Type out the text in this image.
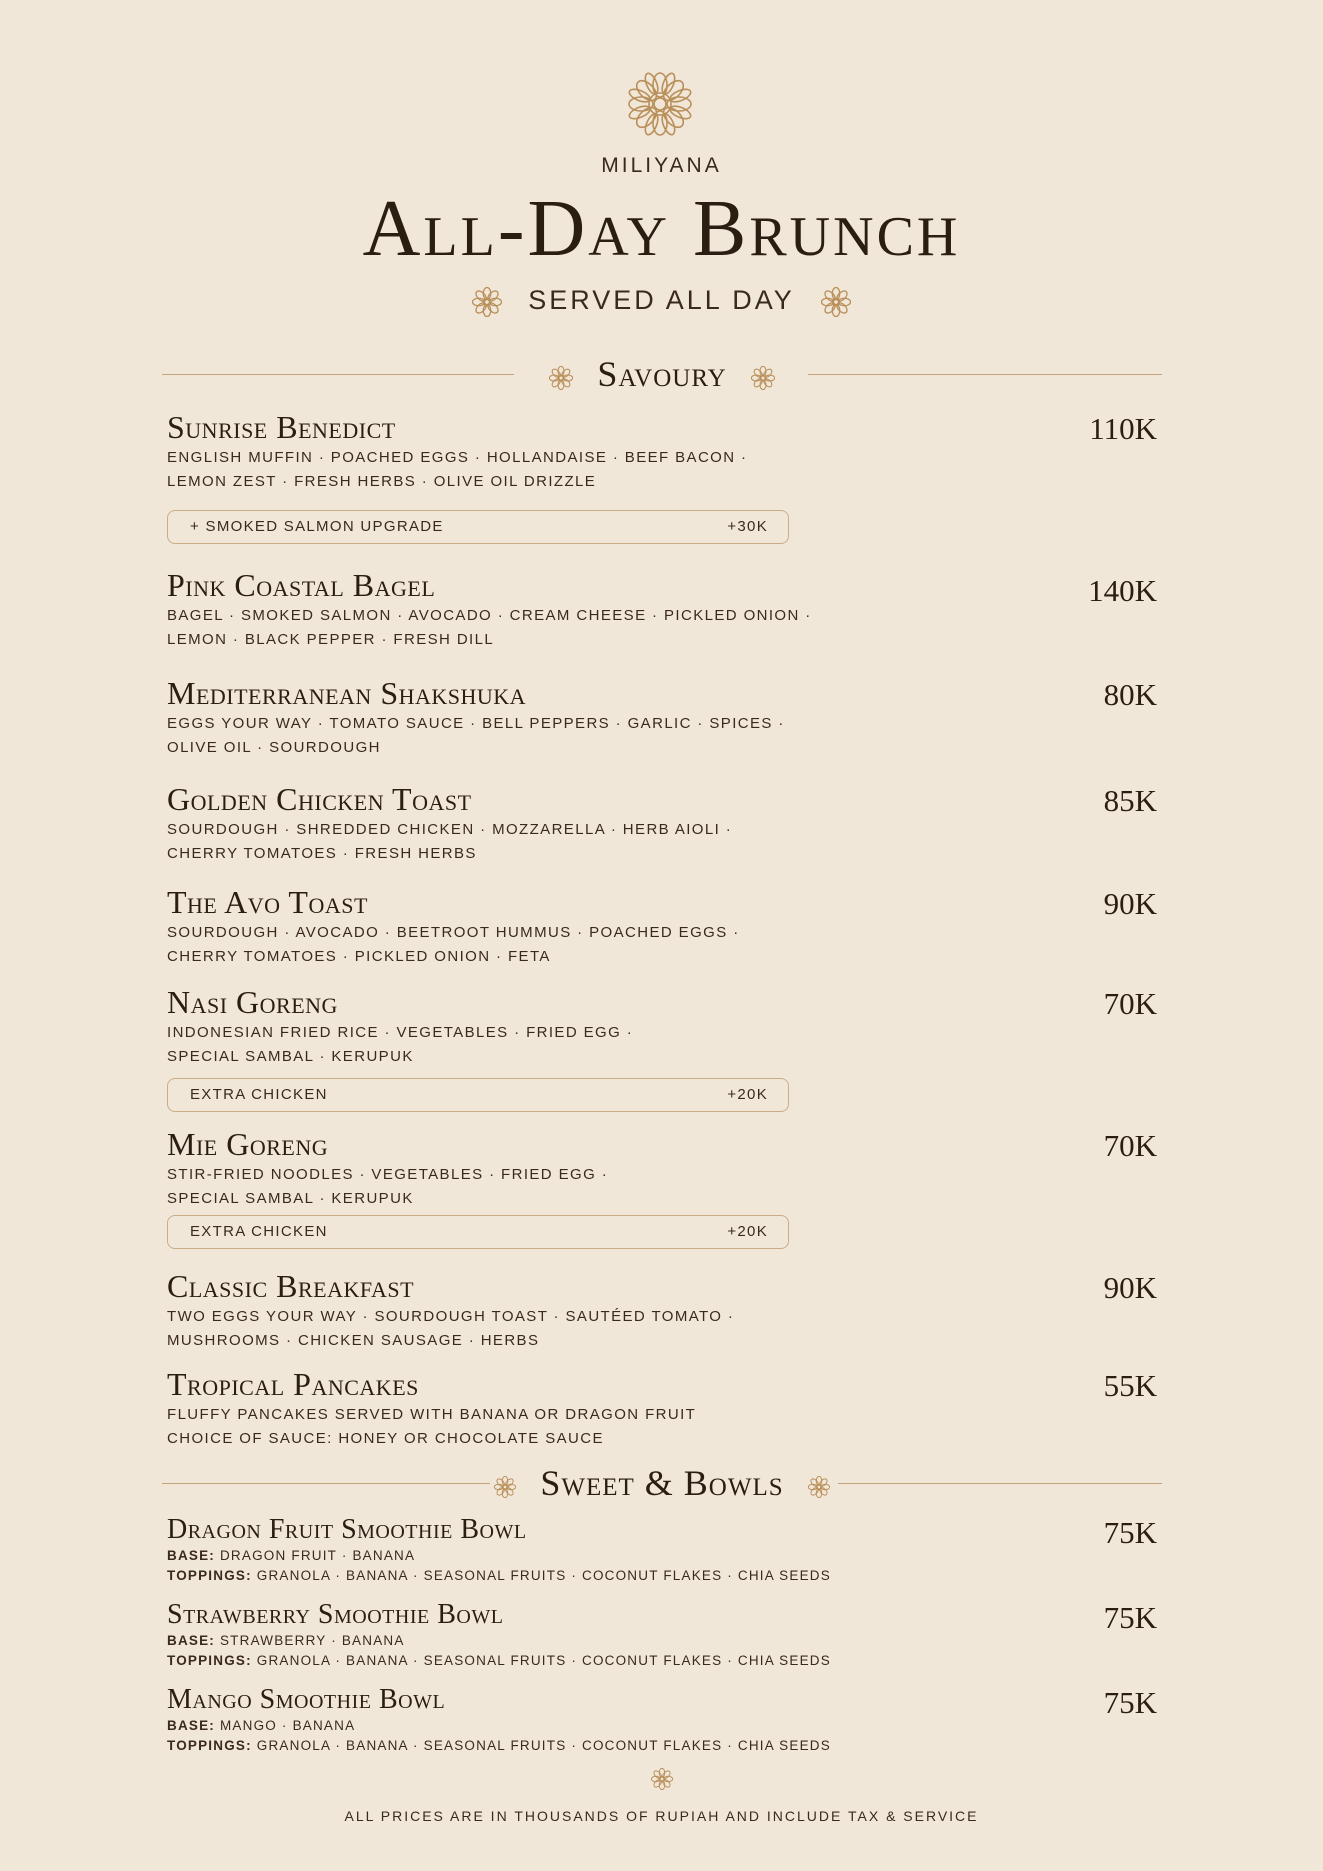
MILIYANA
All-Day Brunch
SERVED ALL DAY
Savoury
Sunrise Benedict	110K
ENGLISH MUFFIN · POACHED EGGS · HOLLANDAISE · BEEF BACON ·
LEMON ZEST · FRESH HERBS · OLIVE OIL DRIZZLE
+ SMOKED SALMON UPGRADE	+30K
Pink Coastal Bagel	140K
BAGEL · SMOKED SALMON · AVOCADO · CREAM CHEESE · PICKLED ONION ·
LEMON · BLACK PEPPER · FRESH DILL
Mediterranean Shakshuka	80K
EGGS YOUR WAY · TOMATO SAUCE · BELL PEPPERS · GARLIC · SPICES ·
OLIVE OIL · SOURDOUGH
Golden Chicken Toast	85K
SOURDOUGH · SHREDDED CHICKEN · MOZZARELLA · HERB AIOLI ·
CHERRY TOMATOES · FRESH HERBS
The Avo Toast	90K
SOURDOUGH · AVOCADO · BEETROOT HUMMUS · POACHED EGGS ·
CHERRY TOMATOES · PICKLED ONION · FETA
Nasi Goreng	70K
INDONESIAN FRIED RICE · VEGETABLES · FRIED EGG ·
SPECIAL SAMBAL · KERUPUK
EXTRA CHICKEN	+20K
Mie Goreng	70K
STIR-FRIED NOODLES · VEGETABLES · FRIED EGG ·
SPECIAL SAMBAL · KERUPUK
EXTRA CHICKEN	+20K
Classic Breakfast	90K
TWO EGGS YOUR WAY · SOURDOUGH TOAST · SAUTÉED TOMATO ·
MUSHROOMS · CHICKEN SAUSAGE · HERBS
Tropical Pancakes	55K
FLUFFY PANCAKES SERVED WITH BANANA OR DRAGON FRUIT
CHOICE OF SAUCE: HONEY OR CHOCOLATE SAUCE
Sweet & Bowls
Dragon Fruit Smoothie Bowl	75K
BASE: DRAGON FRUIT · BANANA
TOPPINGS: GRANOLA · BANANA · SEASONAL FRUITS · COCONUT FLAKES · CHIA SEEDS
Strawberry Smoothie Bowl	75K
BASE: STRAWBERRY · BANANA
TOPPINGS: GRANOLA · BANANA · SEASONAL FRUITS · COCONUT FLAKES · CHIA SEEDS
Mango Smoothie Bowl	75K
BASE: MANGO · BANANA
TOPPINGS: GRANOLA · BANANA · SEASONAL FRUITS · COCONUT FLAKES · CHIA SEEDS
ALL PRICES ARE IN THOUSANDS OF RUPIAH AND INCLUDE TAX & SERVICE
